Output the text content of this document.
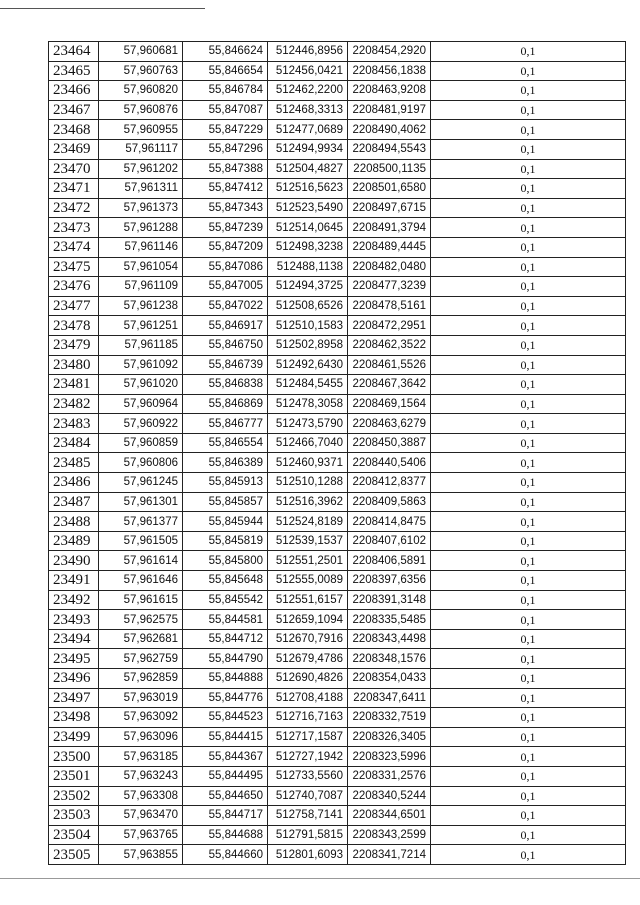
23464	57,960681	55,846624	512446,8956	2208454,2920	0,1
23465	57,960763	55,846654	512456,0421	2208456,1838	0,1
23466	57,960820	55,846784	512462,2200	2208463,9208	0,1
23467	57,960876	55,847087	512468,3313	2208481,9197	0,1
23468	57,960955	55,847229	512477,0689	2208490,4062	0,1
23469	57,961117	55,847296	512494,9934	2208494,5543	0,1
23470	57,961202	55,847388	512504,4827	2208500,1135	0,1
23471	57,961311	55,847412	512516,5623	2208501,6580	0,1
23472	57,961373	55,847343	512523,5490	2208497,6715	0,1
23473	57,961288	55,847239	512514,0645	2208491,3794	0,1
23474	57,961146	55,847209	512498,3238	2208489,4445	0,1
23475	57,961054	55,847086	512488,1138	2208482,0480	0,1
23476	57,961109	55,847005	512494,3725	2208477,3239	0,1
23477	57,961238	55,847022	512508,6526	2208478,5161	0,1
23478	57,961251	55,846917	512510,1583	2208472,2951	0,1
23479	57,961185	55,846750	512502,8958	2208462,3522	0,1
23480	57,961092	55,846739	512492,6430	2208461,5526	0,1
23481	57,961020	55,846838	512484,5455	2208467,3642	0,1
23482	57,960964	55,846869	512478,3058	2208469,1564	0,1
23483	57,960922	55,846777	512473,5790	2208463,6279	0,1
23484	57,960859	55,846554	512466,7040	2208450,3887	0,1
23485	57,960806	55,846389	512460,9371	2208440,5406	0,1
23486	57,961245	55,845913	512510,1288	2208412,8377	0,1
23487	57,961301	55,845857	512516,3962	2208409,5863	0,1
23488	57,961377	55,845944	512524,8189	2208414,8475	0,1
23489	57,961505	55,845819	512539,1537	2208407,6102	0,1
23490	57,961614	55,845800	512551,2501	2208406,5891	0,1
23491	57,961646	55,845648	512555,0089	2208397,6356	0,1
23492	57,961615	55,845542	512551,6157	2208391,3148	0,1
23493	57,962575	55,844581	512659,1094	2208335,5485	0,1
23494	57,962681	55,844712	512670,7916	2208343,4498	0,1
23495	57,962759	55,844790	512679,4786	2208348,1576	0,1
23496	57,962859	55,844888	512690,4826	2208354,0433	0,1
23497	57,963019	55,844776	512708,4188	2208347,6411	0,1
23498	57,963092	55,844523	512716,7163	2208332,7519	0,1
23499	57,963096	55,844415	512717,1587	2208326,3405	0,1
23500	57,963185	55,844367	512727,1942	2208323,5996	0,1
23501	57,963243	55,844495	512733,5560	2208331,2576	0,1
23502	57,963308	55,844650	512740,7087	2208340,5244	0,1
23503	57,963470	55,844717	512758,7141	2208344,6501	0,1
23504	57,963765	55,844688	512791,5815	2208343,2599	0,1
23505	57,963855	55,844660	512801,6093	2208341,7214	0,1
